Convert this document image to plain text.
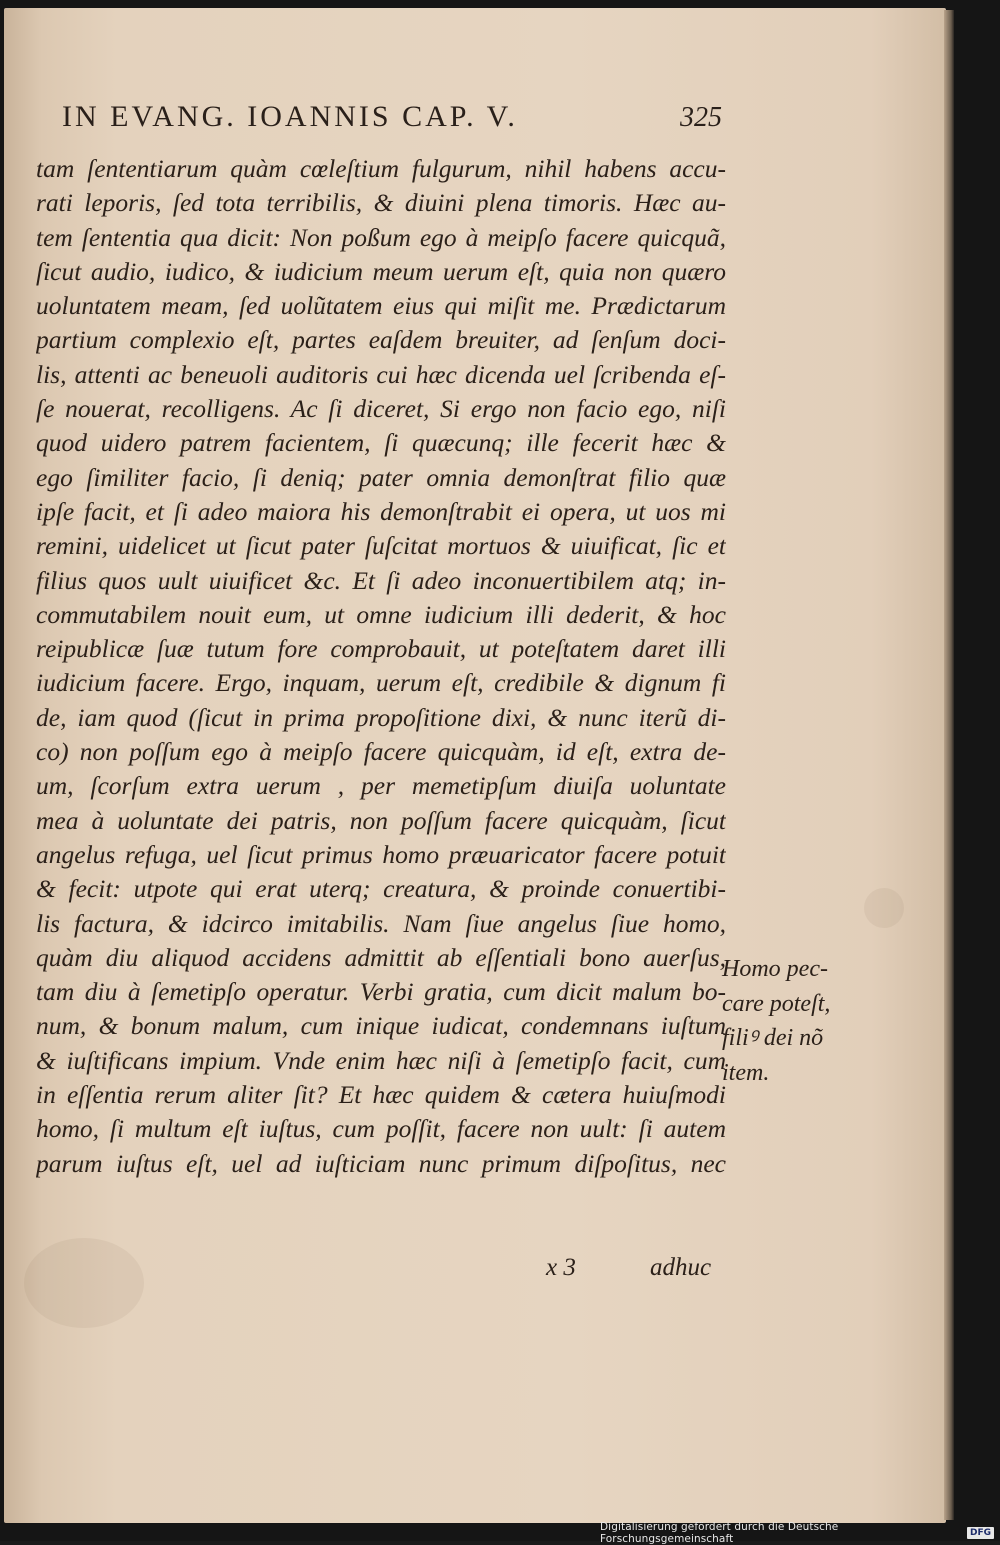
IN EVANG. IOANNIS CAP. V.	325
tam ſententiarum quàm cœleſtium fulgurum, nihil habens accu-
rati leporis, ſed tota terribilis, & diuini plena timoris. Hæc au-
tem ſententia qua dicit: Non poßum ego à meipſo facere quicquã,
ſicut audio, iudico, & iudicium meum uerum eſt, quia non quæro
uoluntatem meam, ſed uolũtatem eius qui miſit me. Prædictarum
partium complexio eſt, partes eaſdem breuiter, ad ſenſum doci-
lis, attenti ac beneuoli auditoris cui hæc dicenda uel ſcribenda eſ-
ſe nouerat, recolligens. Ac ſi diceret, Si ergo non facio ego, niſi
quod uidero patrem facientem, ſi quæcunq; ille fecerit hæc &
ego ſimiliter facio, ſi deniq; pater omnia demonſtrat filio quæ
ipſe facit, et ſi adeo maiora his demonſtrabit ei opera, ut uos mi
remini, uidelicet ut ſicut pater ſuſcitat mortuos & uiuificat, ſic et
filius quos uult uiuificet &c. Et ſi adeo inconuertibilem atq; in-
commutabilem nouit eum, ut omne iudicium illi dederit, & hoc
reipublicæ ſuæ tutum fore comprobauit, ut poteſtatem daret illi
iudicium facere. Ergo, inquam, uerum eſt, credibile & dignum fi
de, iam quod (ſicut in prima propoſitione dixi, & nunc iterũ di-
co) non poſſum ego à meipſo facere quicquàm, id eſt, extra de-
um, ſcorſum extra uerum , per memetipſum diuiſa uoluntate
mea à uoluntate dei patris, non poſſum facere quicquàm, ſicut
angelus refuga, uel ſicut primus homo præuaricator facere potuit
& fecit: utpote qui erat uterq; creatura, & proinde conuertibi-
lis factura, & idcirco imitabilis. Nam ſiue angelus ſiue homo,
quàm diu aliquod accidens admittit ab eſſentiali bono auerſus,
tam diu à ſemetipſo operatur. Verbi gratia, cum dicit malum bo-
num, & bonum malum, cum inique iudicat, condemnans iuſtum
& iuſtificans impium. Vnde enim hæc niſi à ſemetipſo facit, cum
in eſſentia rerum aliter ſit? Et hæc quidem & cætera huiuſmodi
homo, ſi multum eſt iuſtus, cum poſſit, facere non uult: ſi autem
parum iuſtus eſt, uel ad iuſticiam nunc primum diſpoſitus, nec
Homo pec-
care poteſt,
filiꝰ dei nõ
item.
x 3	adhuc
Digitalisierung gefördert durch die Deutsche Forschungsgemeinschaft	DFG
